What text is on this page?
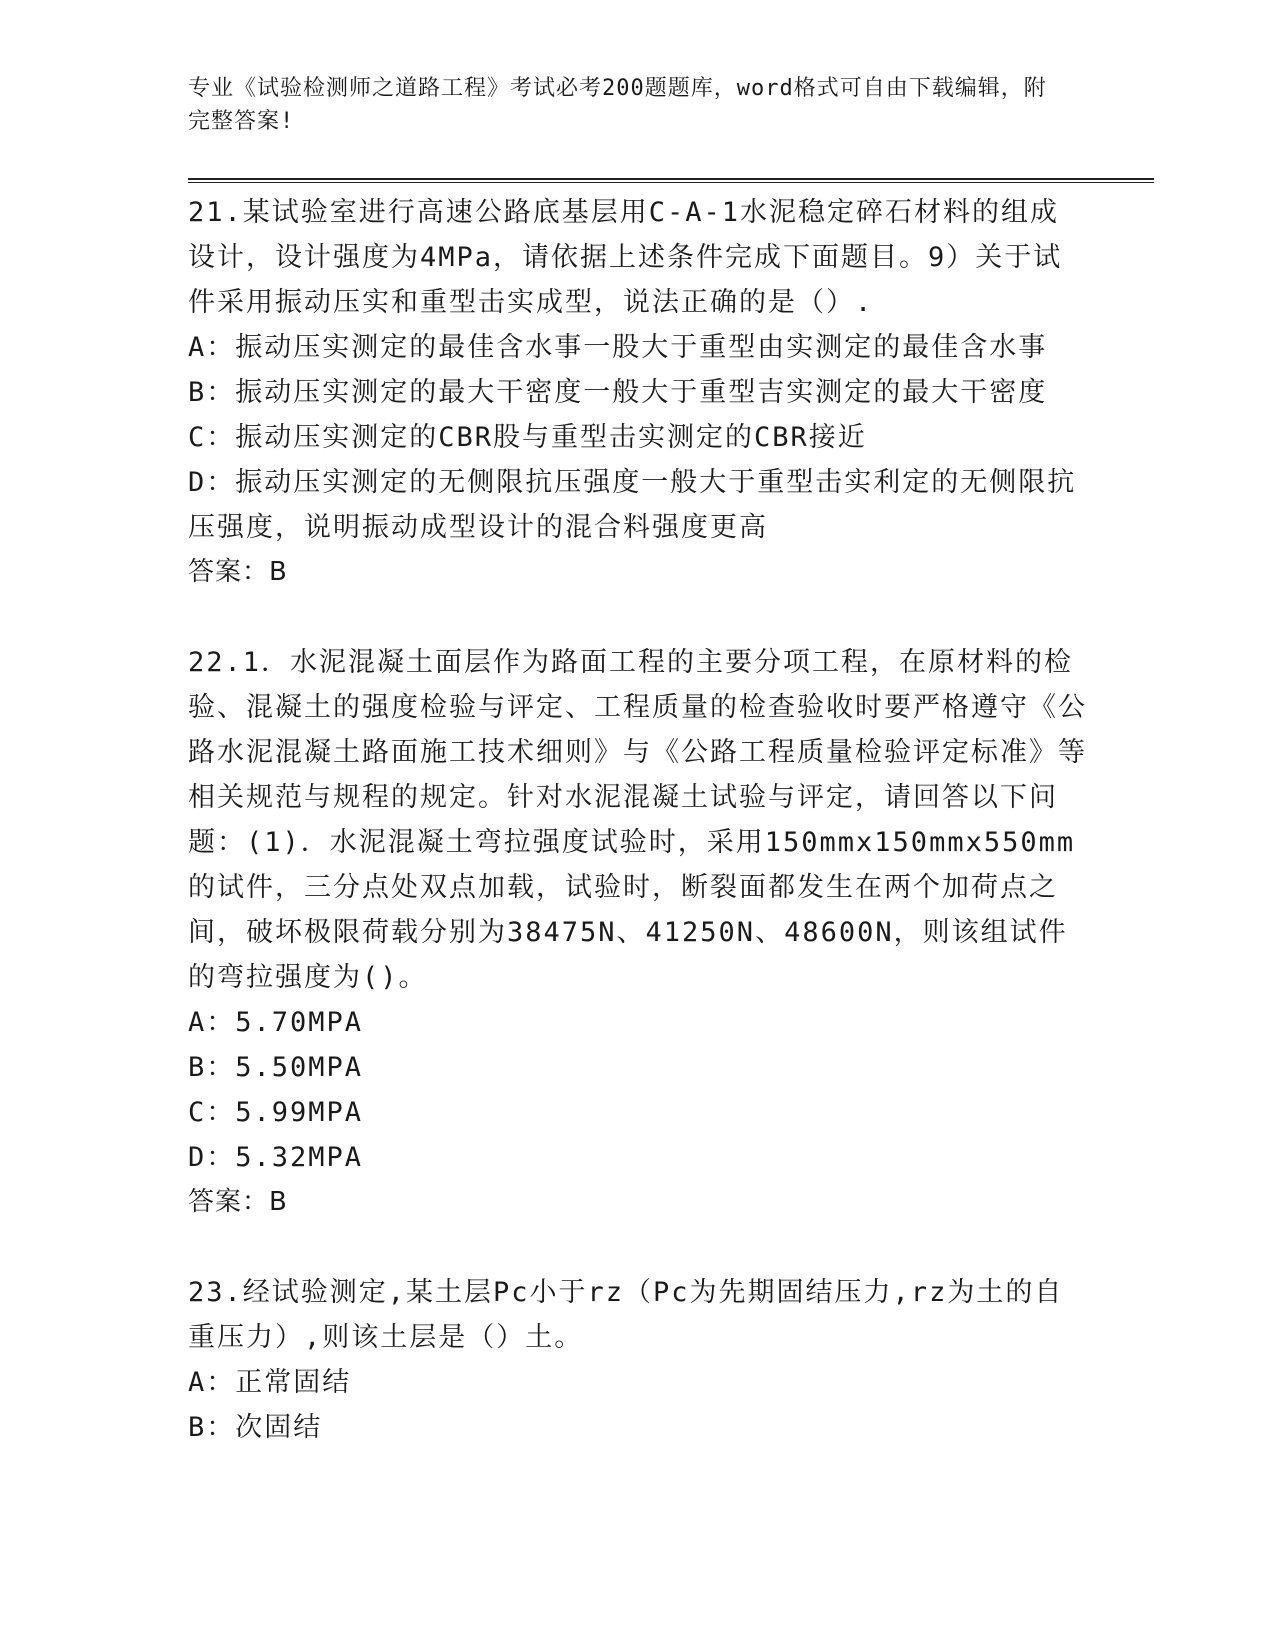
专业《试验检测师之道路工程》考试必考200题题库，word格式可自由下载编辑，附完整答案!
21.某试验室进行高速公路底基层用C-A-1水泥稳定碎石材料的组成设计，设计强度为4MPa，请依据上述条件完成下面题目。9）关于试件采用振动压实和重型击实成型，说法正确的是（）.
A：振动压实测定的最佳含水事一股大于重型由实测定的最佳含水事
B：振动压实测定的最大干密度一般大于重型吉实测定的最大干密度
C：振动压实测定的CBR股与重型击实测定的CBR接近
D：振动压实测定的无侧限抗压强度一般大于重型击实利定的无侧限抗压强度，说明振动成型设计的混合料强度更高
答案：B
22.1．水泥混凝土面层作为路面工程的主要分项工程，在原材料的检验、混凝土的强度检验与评定、工程质量的检查验收时要严格遵守《公路水泥混凝土路面施工技术细则》与《公路工程质量检验评定标准》等相关规范与规程的规定。针对水泥混凝土试验与评定，请回答以下问题：(1)．水泥混凝土弯拉强度试验时，采用150mmx150mmx550mm的试件，三分点处双点加载，试验时，断裂面都发生在两个加荷点之间，破坏极限荷载分别为38475N、41250N、48600N，则该组试件的弯拉强度为()。
A：5.70MPA
B：5.50MPA
C：5.99MPA
D：5.32MPA
答案：B
23.经试验测定,某土层Pc小于rz（Pc为先期固结压力,rz为土的自重压力）,则该土层是（）土。
A：正常固结
B：次固结
